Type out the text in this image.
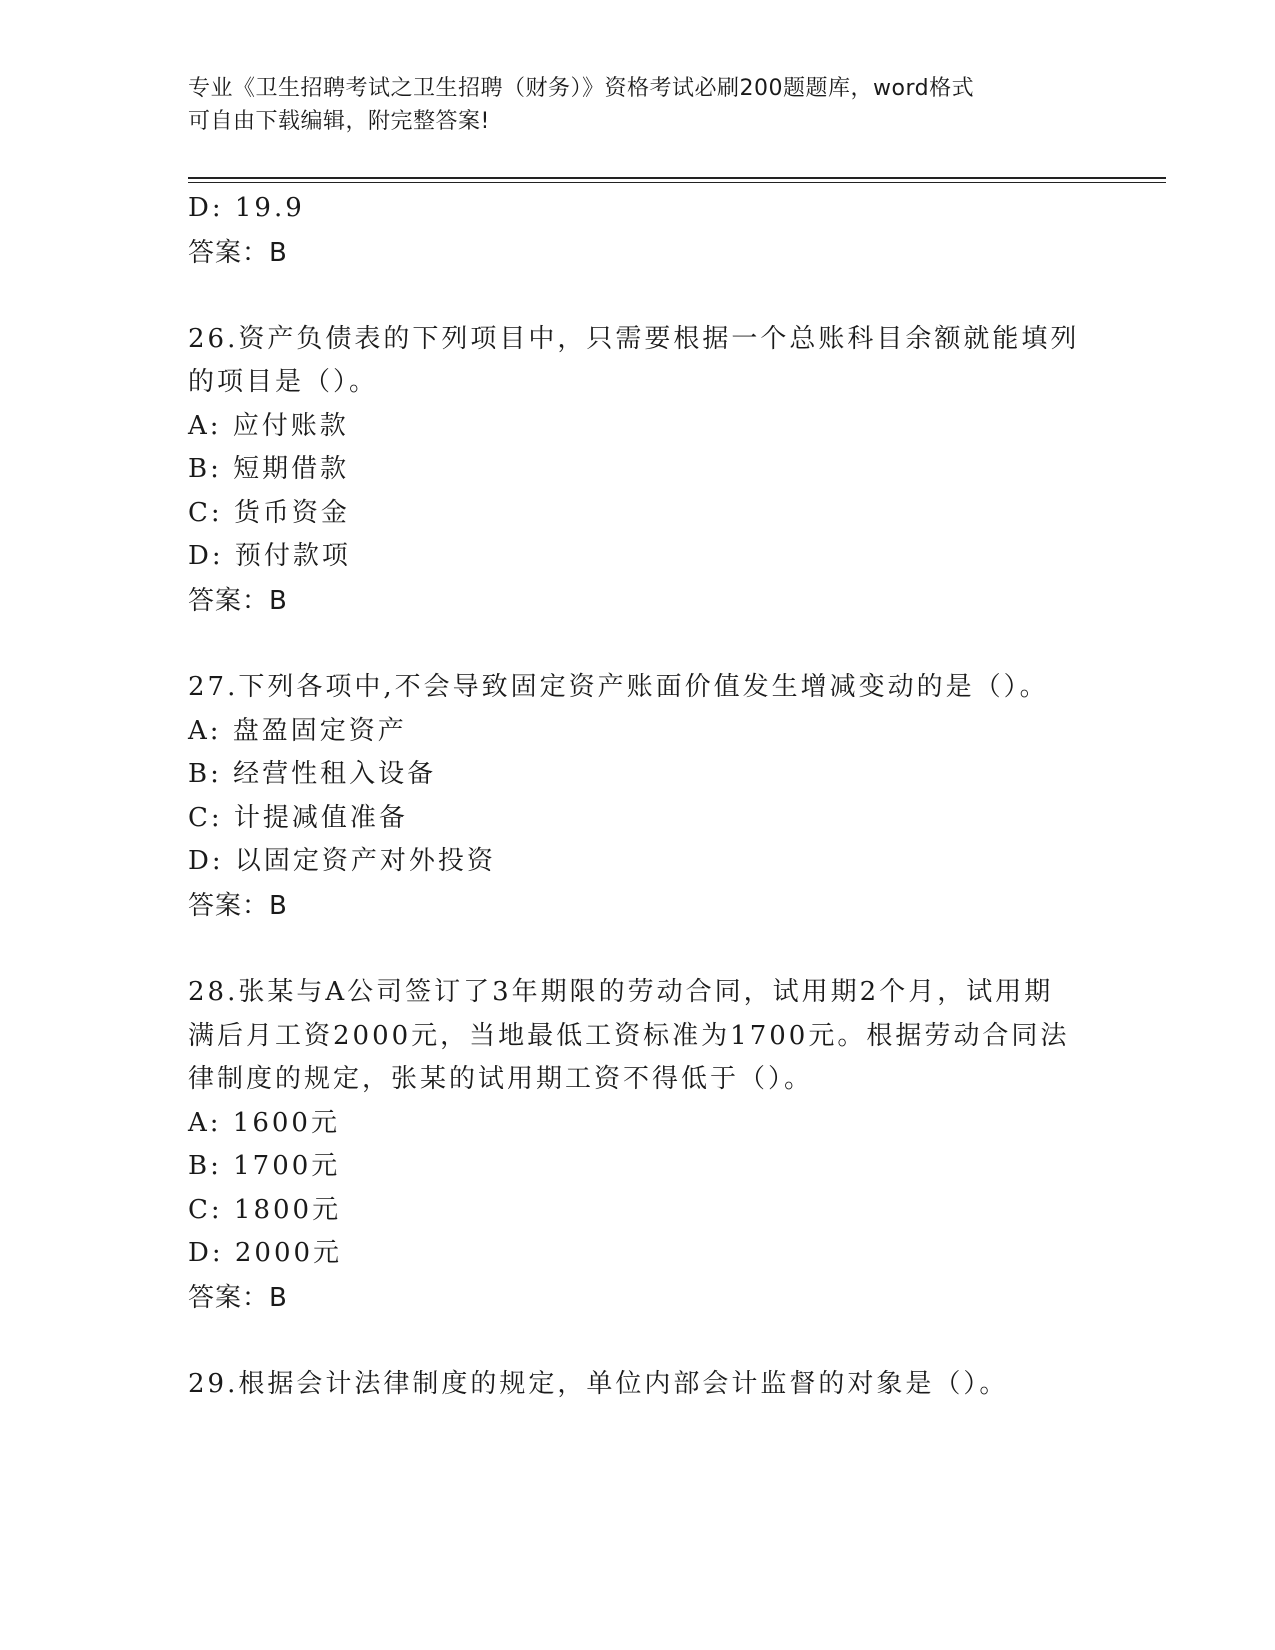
专业《卫生招聘考试之卫生招聘（财务）》资格考试必刷200题题库，word格式
可自由下载编辑，附完整答案!
D: 19.9
答案：B
26.资产负债表的下列项目中，只需要根据一个总账科目余额就能填列
的项目是（）。
A: 应付账款
B: 短期借款
C: 货币资金
D: 预付款项
答案：B
27.下列各项中,不会导致固定资产账面价值发生增减变动的是（）。
A: 盘盈固定资产
B: 经营性租入设备
C: 计提减值准备
D: 以固定资产对外投资
答案：B
28.张某与A公司签订了3年期限的劳动合同，试用期2个月，试用期
满后月工资2000元，当地最低工资标准为1700元。根据劳动合同法
律制度的规定，张某的试用期工资不得低于（）。
A: 1600元
B: 1700元
C: 1800元
D: 2000元
答案：B
29.根据会计法律制度的规定，单位内部会计监督的对象是（）。
